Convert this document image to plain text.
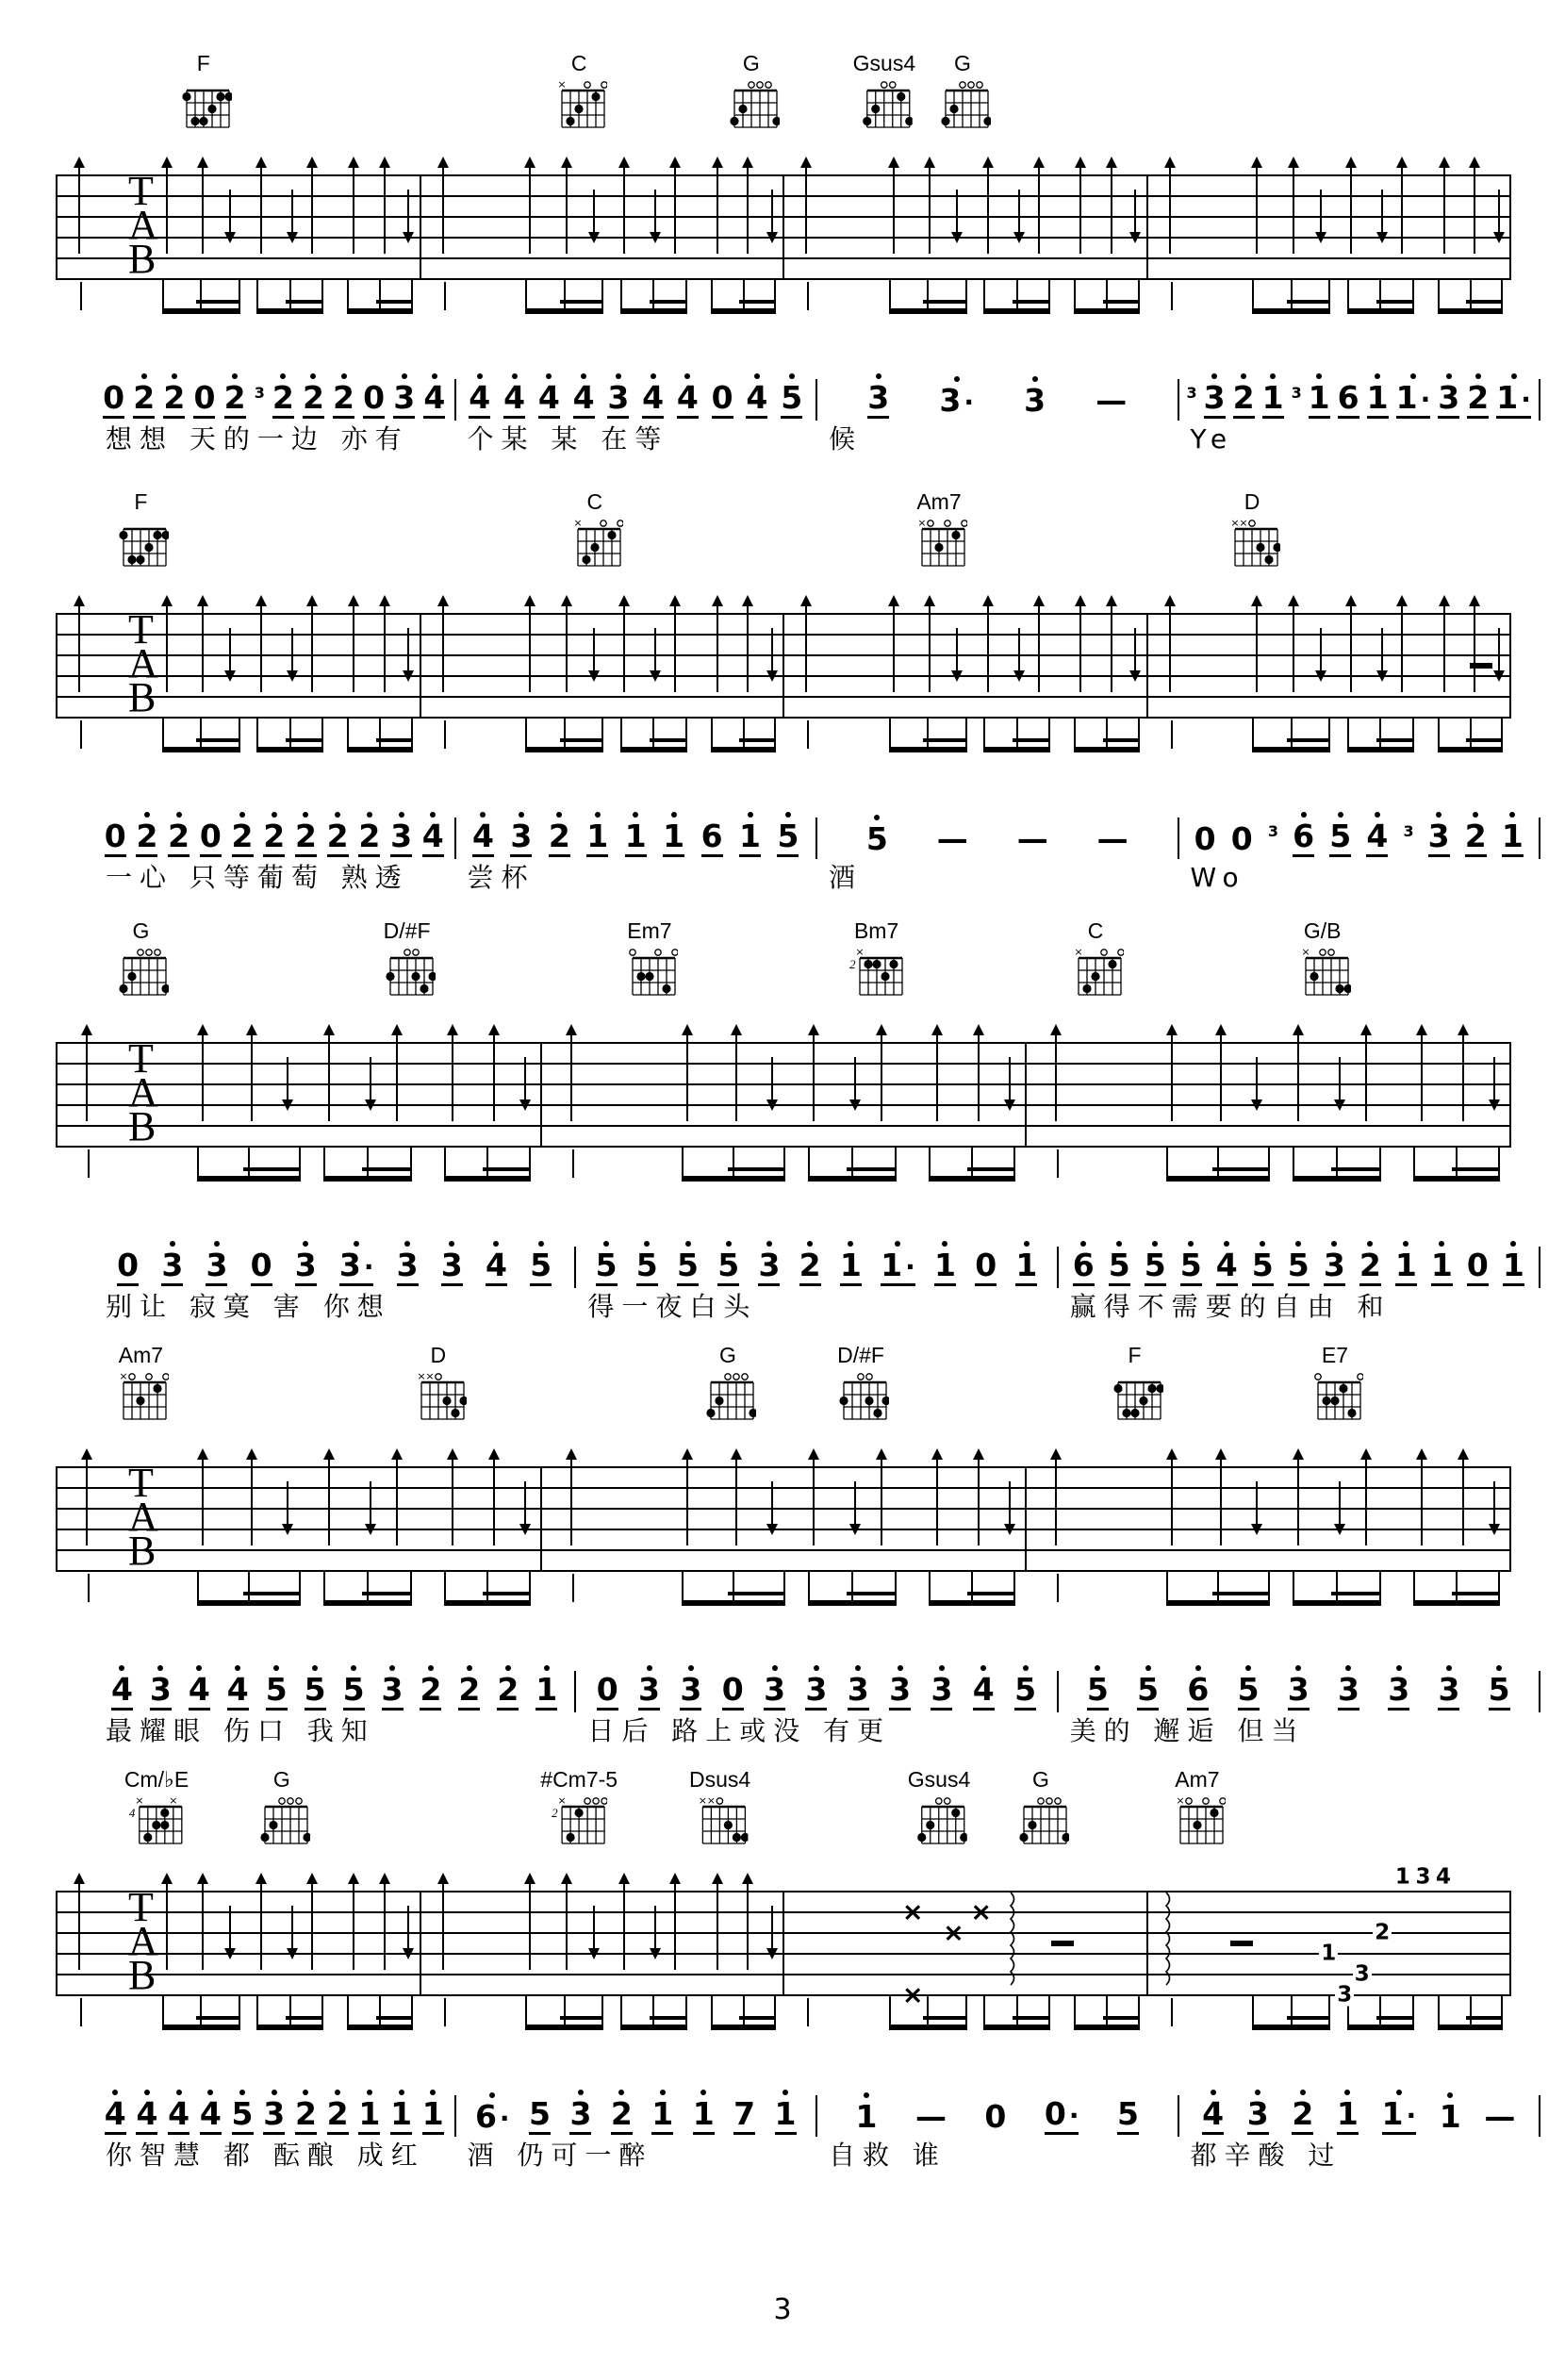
F	C
×
G	Gsus4	G
T
A
B
0 2 2 0 2 3 2 2 2 0 3 4
想想 天的一边 亦有
4 4 4 4 3 4 4 0 4 5
个某 某 在等
3 3 · 3 —
候
3 3 2 1 3 1 6 1 1 · 3 2 1 ·
Ye
F	C
×
Am7
×
D
×
×
T
A
B
0 2 2 0 2 2 2 2 2 3 4
一心 只等葡萄 熟透
4 3 2 1 1 1 6 1 5
尝杯
5 — — —
酒
0 0 3 6 5 4 3 3 2 1
Wo
G	D/#F	Em7	Bm7
×
2
C
×
G/B
×
T
A
B
0 3 3 0 3 3 · 3 3 4 5
别让 寂寞 害 你想
5 5 5 5 3 2 1 1 · 1 0 1
得一夜白头
6 5 5 5 4 5 5 3 2 1 1 0 1
赢得不需要的自由 和
Am7
×
D
×
×
G	D/#F	F	E7
T
A
B
4 3 4 4 5 5 5 3 2 2 2 1
最耀眼 伤口 我知
0 3 3 0 3 3 3 3 3 4 5
日后 路上或没 有更
5 5 6 5 3 3 3 3 5
美的 邂逅 但当
Cm/♭E
×
×
4
G	#Cm7-5
×
2
Dsus4
×
×
Gsus4	G	Am7
×
T
A
B
×
×
×
×
1
3
3
2
1 3 4
4 4 4 4 5 3 2 2 1 1 1
你智慧 都 酝酿 成红
6 · 5 3 2 1 1 7 1
酒 仍可一醉
1 — 0 0 · 5
自救 谁
4 3 2 1 1 · 1 —
都辛酸 过
3
